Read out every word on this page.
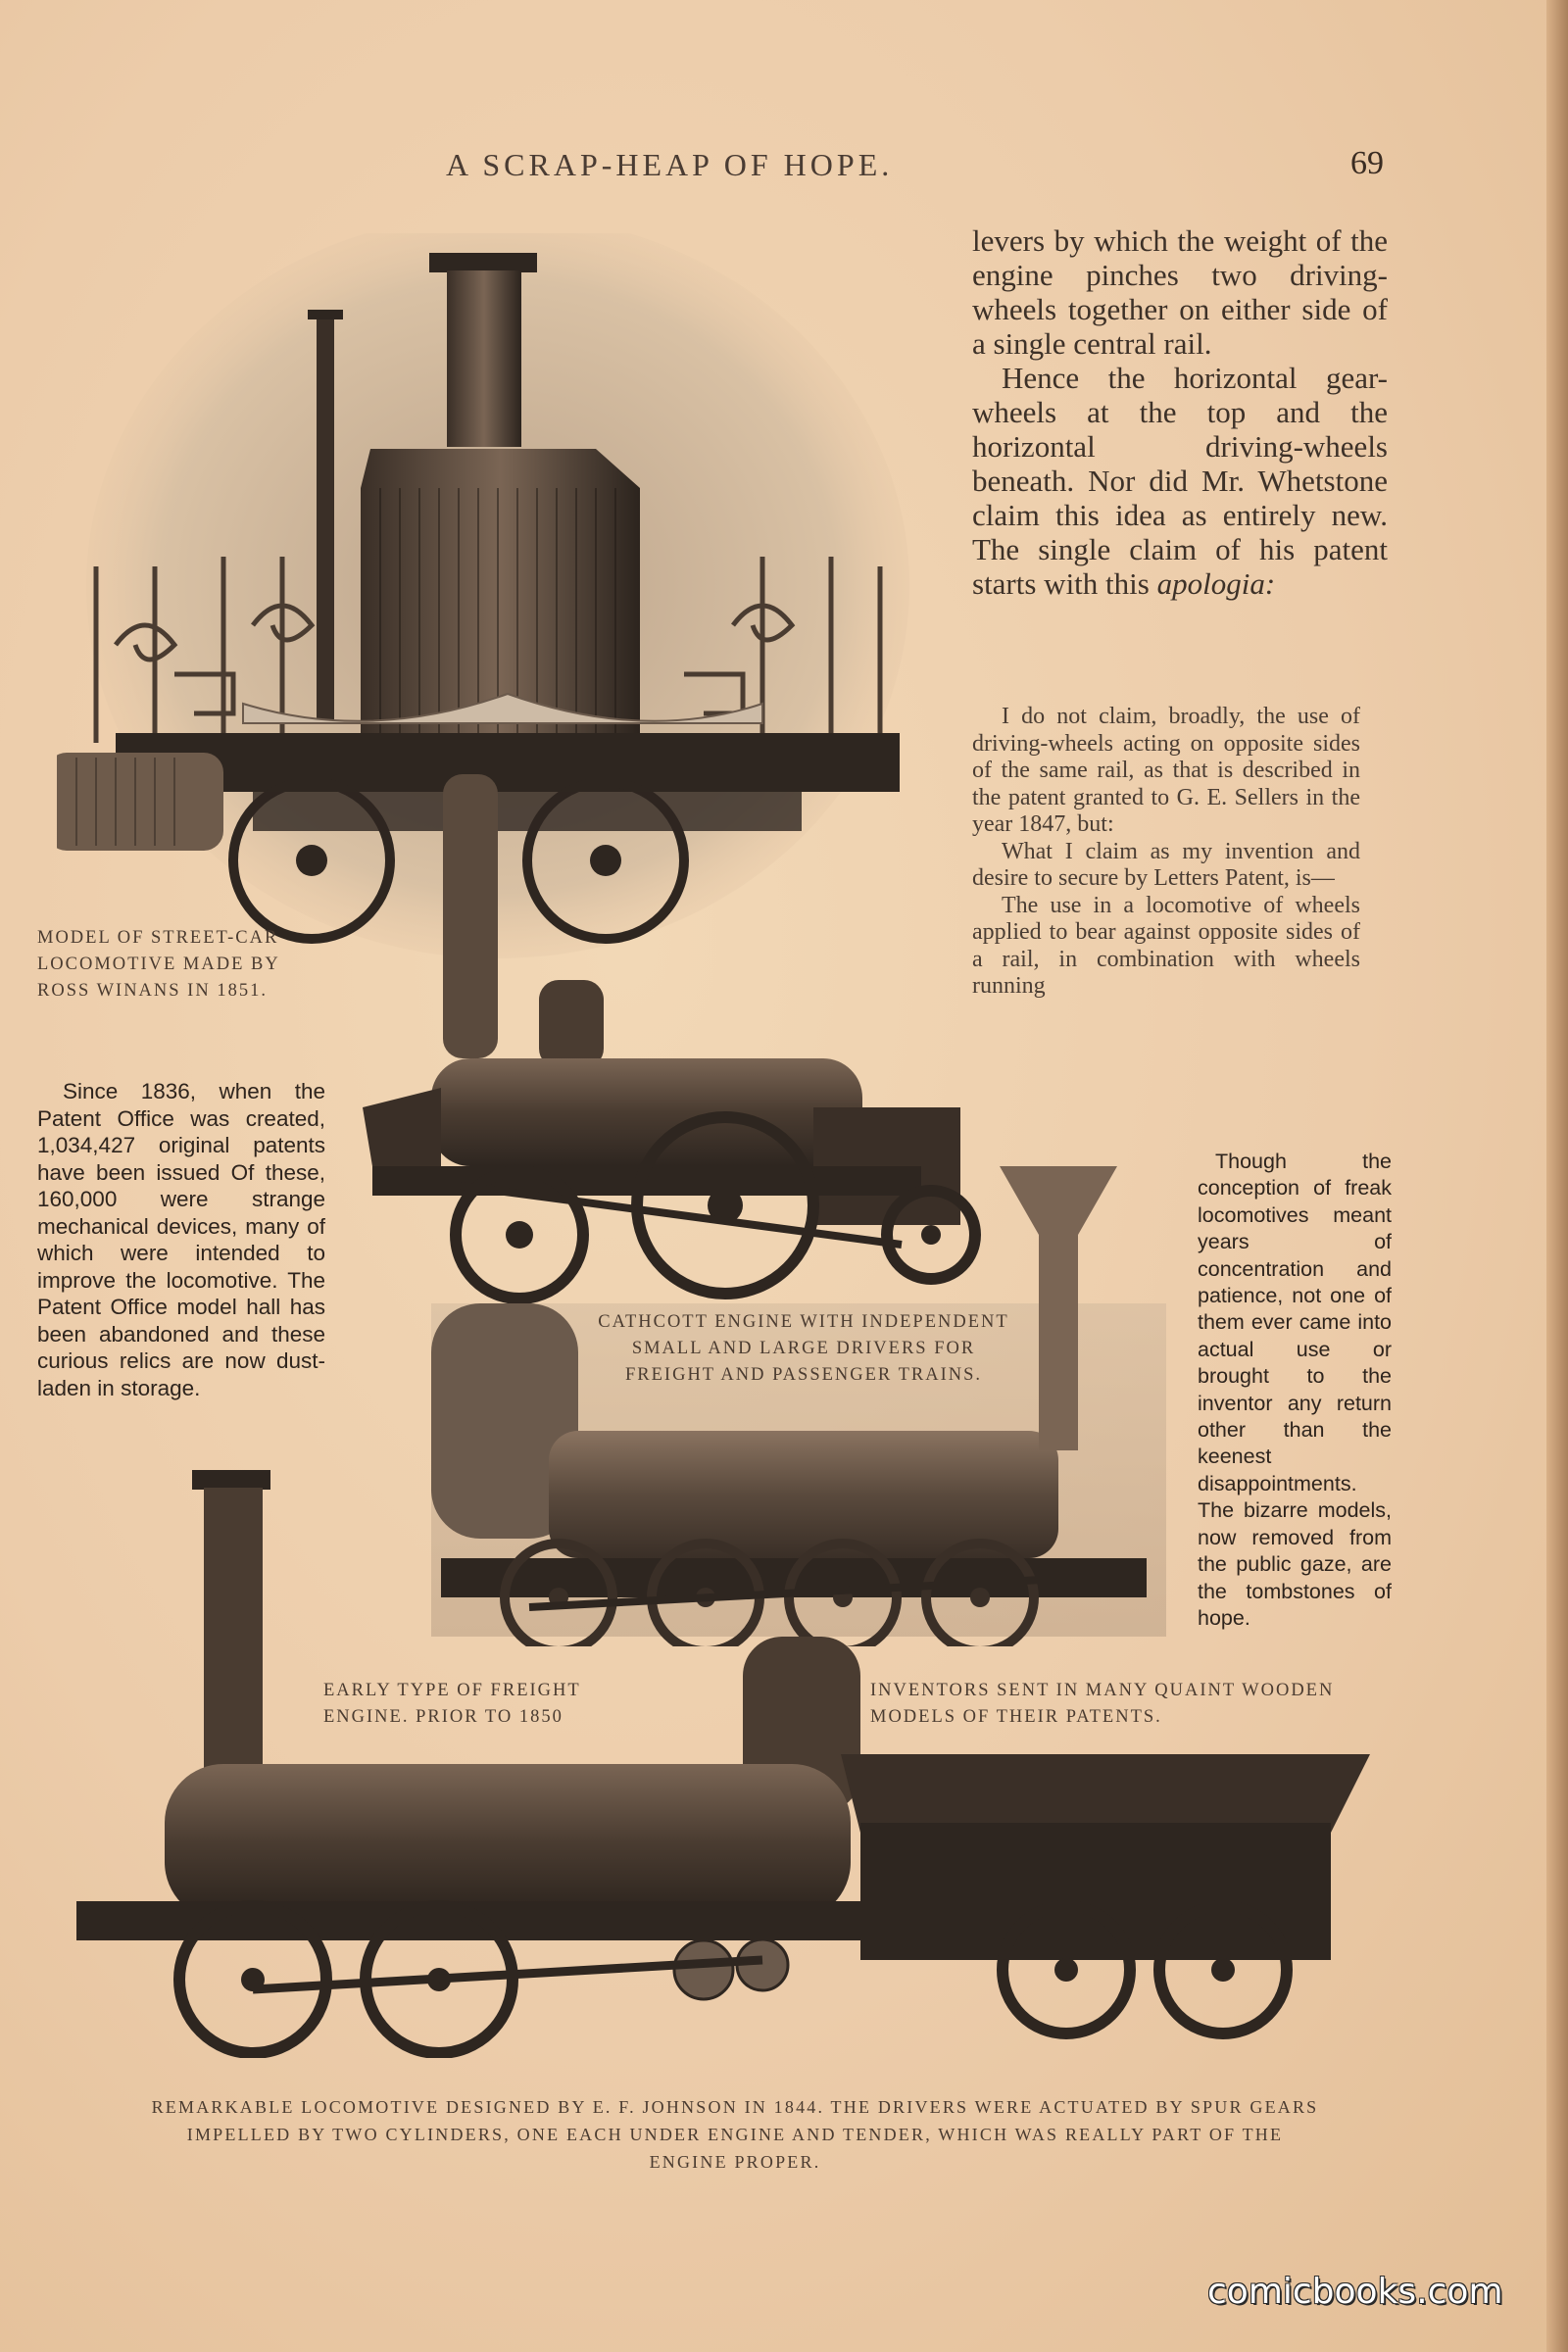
A SCRAP-HEAP OF HOPE.	69

levers by which the weight of the engine pinches two driving-wheels together on either side of a single central rail.

Hence the horizontal gear-wheels at the top and the horizontal driving-wheels beneath. Nor did Mr. Whetstone claim this idea as entirely new. The single claim of his patent starts with this apologia:

I do not claim, broadly, the use of driving-wheels acting on opposite sides of the same rail, as that is described in the patent granted to G. E. Sellers in the year 1847, but:

What I claim as my invention and desire to secure by Letters Patent, is—

The use in a locomotive of wheels applied to bear against opposite sides of a rail, in combination with wheels running

MODEL OF STREET-CAR LOCOMOTIVE MADE BY ROSS WINANS IN 1851.
CATHCOTT ENGINE WITH INDEPENDENT SMALL AND LARGE DRIVERS FOR FREIGHT AND PASSENGER TRAINS.
EARLY TYPE OF FREIGHT ENGINE. PRIOR TO 1850
INVENTORS SENT IN MANY QUAINT WOODEN MODELS OF THEIR PATENTS.
REMARKABLE LOCOMOTIVE DESIGNED BY E. F. JOHNSON IN 1844. THE DRIVERS WERE ACTUATED BY SPUR GEARS IMPELLED BY TWO CYLINDERS, ONE EACH UNDER ENGINE AND TENDER, WHICH WAS REALLY PART OF THE ENGINE PROPER.

Since 1836, when the Patent Office was created, 1,034,427 original patents have been issued Of these, 160,000 were strange mechanical devices, many of which were intended to improve the locomotive. The Patent Office model hall has been abandoned and these curious relics are now dust-laden in storage.

Though the conception of freak locomotives meant years of concentration and patience, not one of them ever came into actual use or brought to the inventor any return other than the keenest disappointments. The bizarre models, now removed from the public gaze, are the tombstones of hope.

comicbooks.com
